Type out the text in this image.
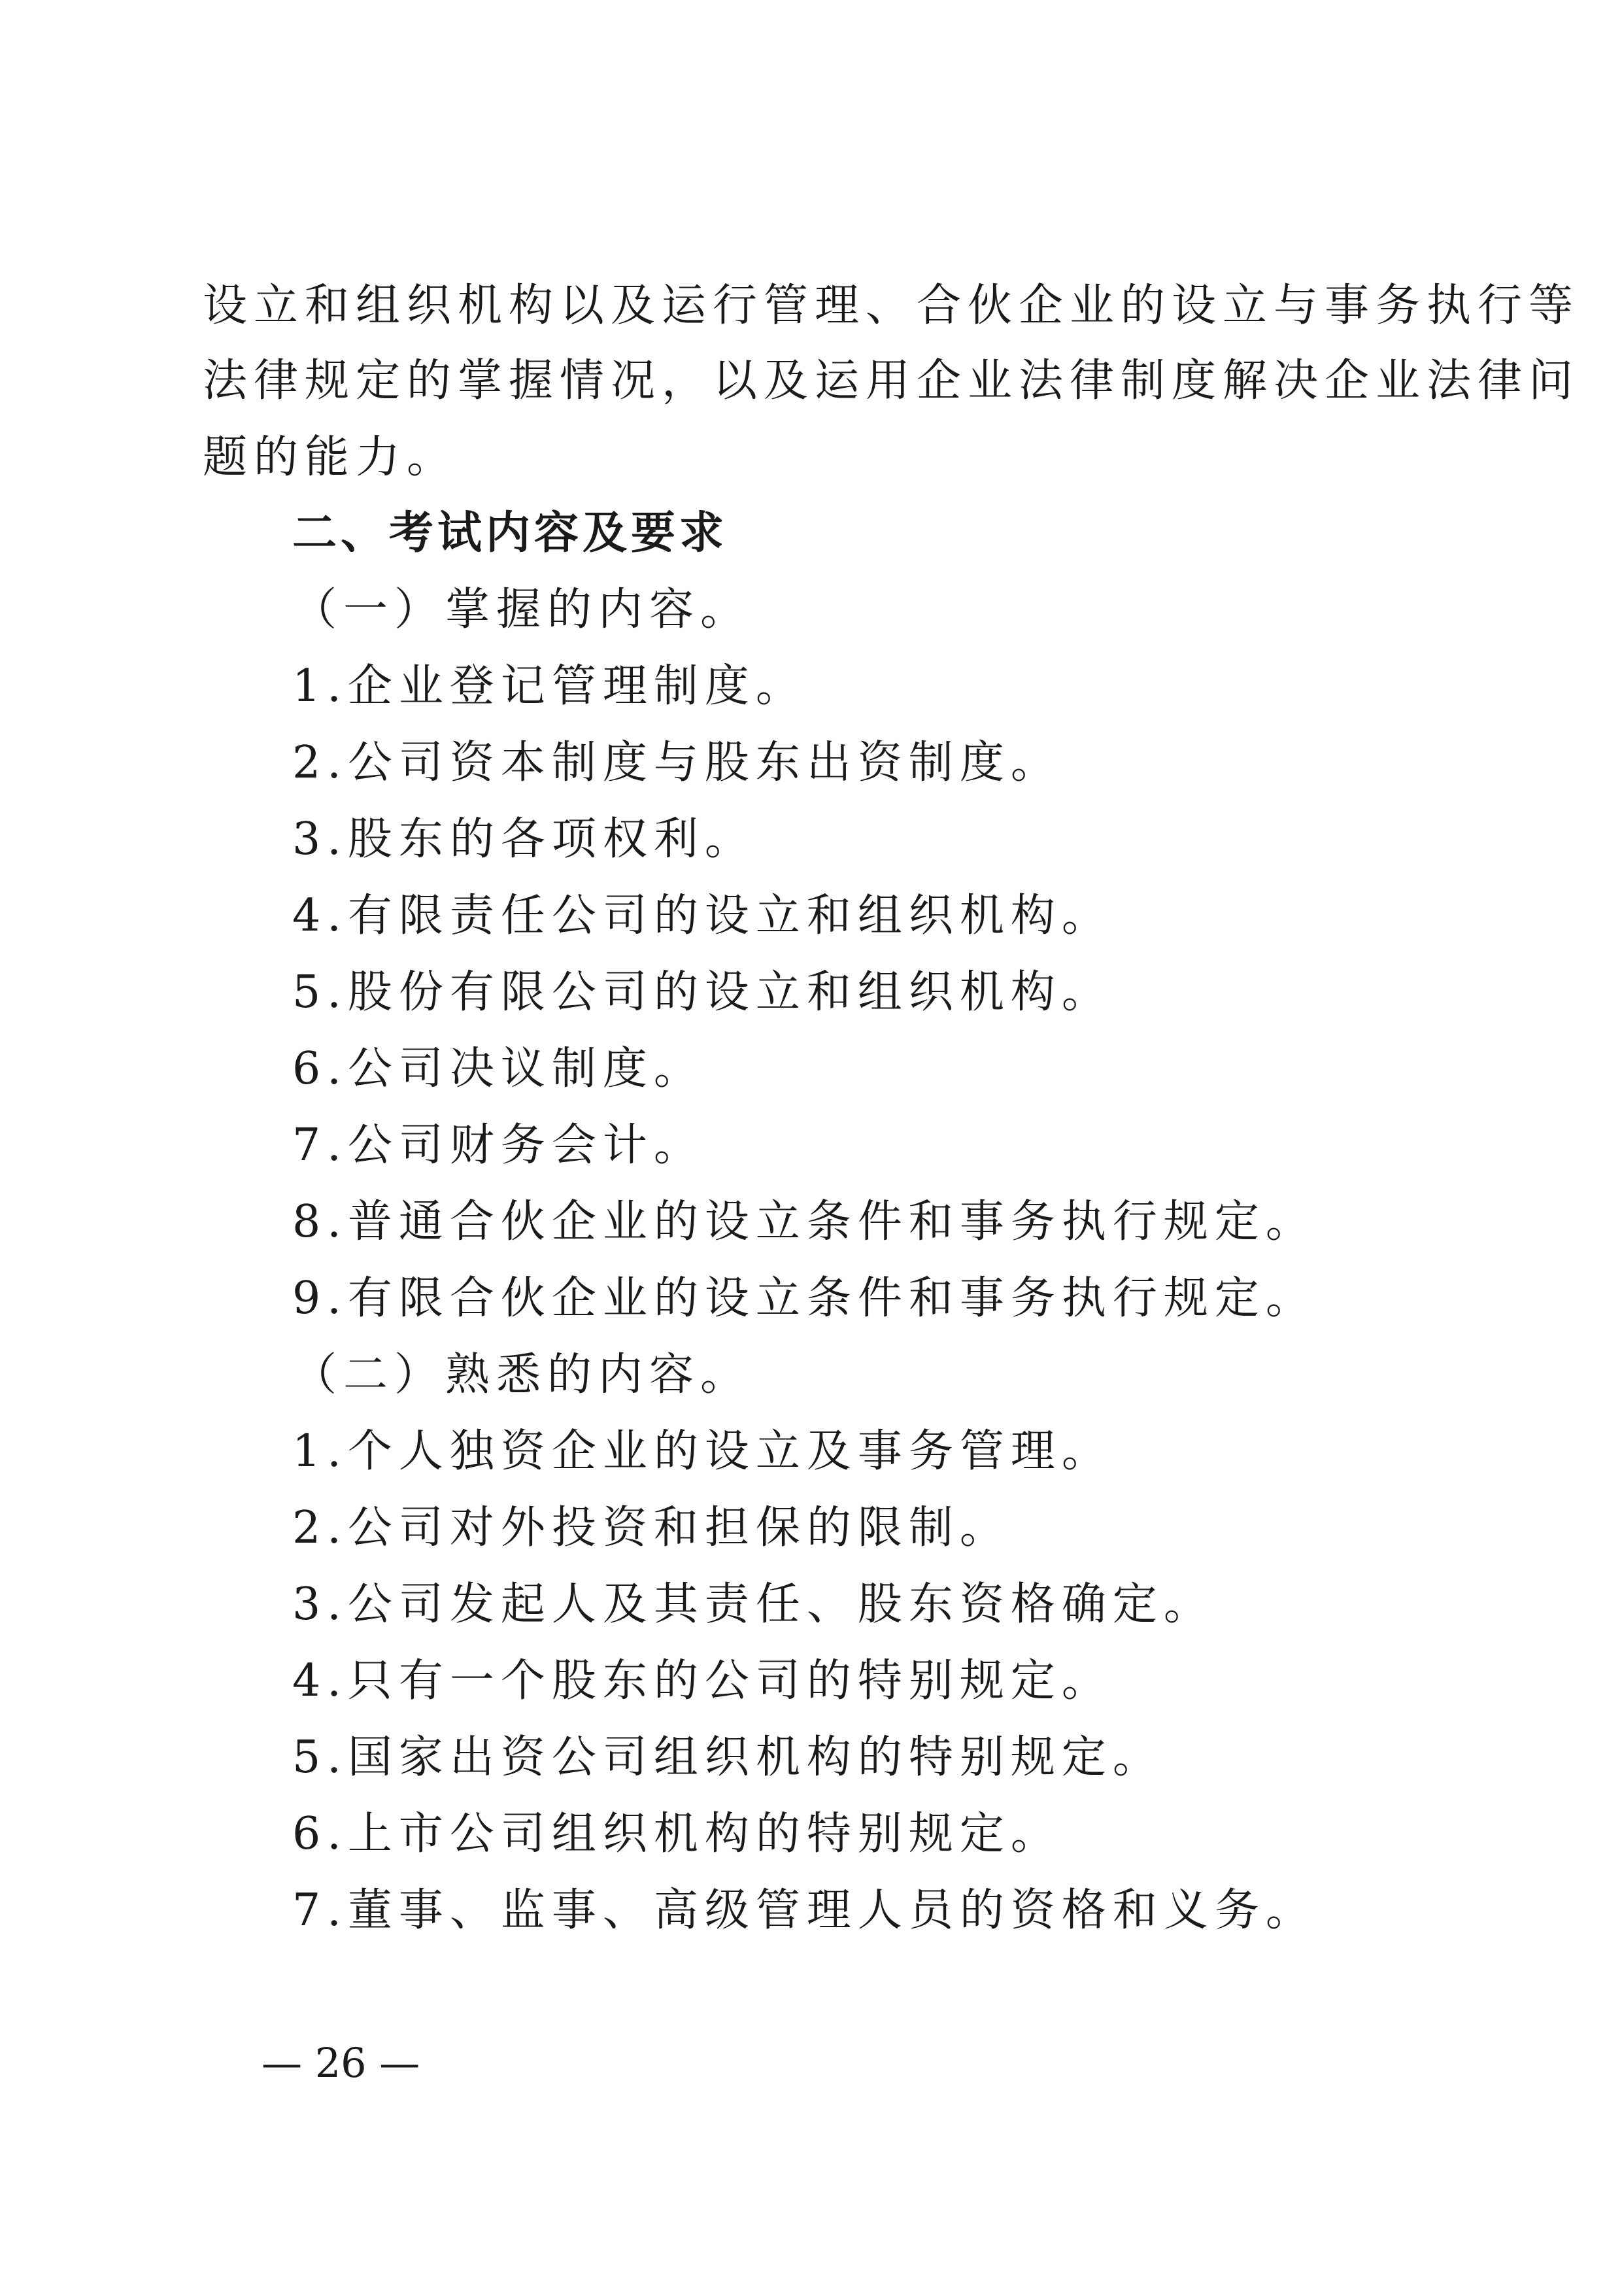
设立和组织机构以及运行管理、合伙企业的设立与事务执行等
法律规定的掌握情况，以及运用企业法律制度解决企业法律问
题的能力。
二、考试内容及要求
（一）掌握的内容。
1.企业登记管理制度。
2.公司资本制度与股东出资制度。
3.股东的各项权利。
4.有限责任公司的设立和组织机构。
5.股份有限公司的设立和组织机构。
6.公司决议制度。
7.公司财务会计。
8.普通合伙企业的设立条件和事务执行规定。
9.有限合伙企业的设立条件和事务执行规定。
（二）熟悉的内容。
1.个人独资企业的设立及事务管理。
2.公司对外投资和担保的限制。
3.公司发起人及其责任、股东资格确定。
4.只有一个股东的公司的特别规定。
5.国家出资公司组织机构的特别规定。
6.上市公司组织机构的特别规定。
7.董事、监事、高级管理人员的资格和义务。
— 26 —
